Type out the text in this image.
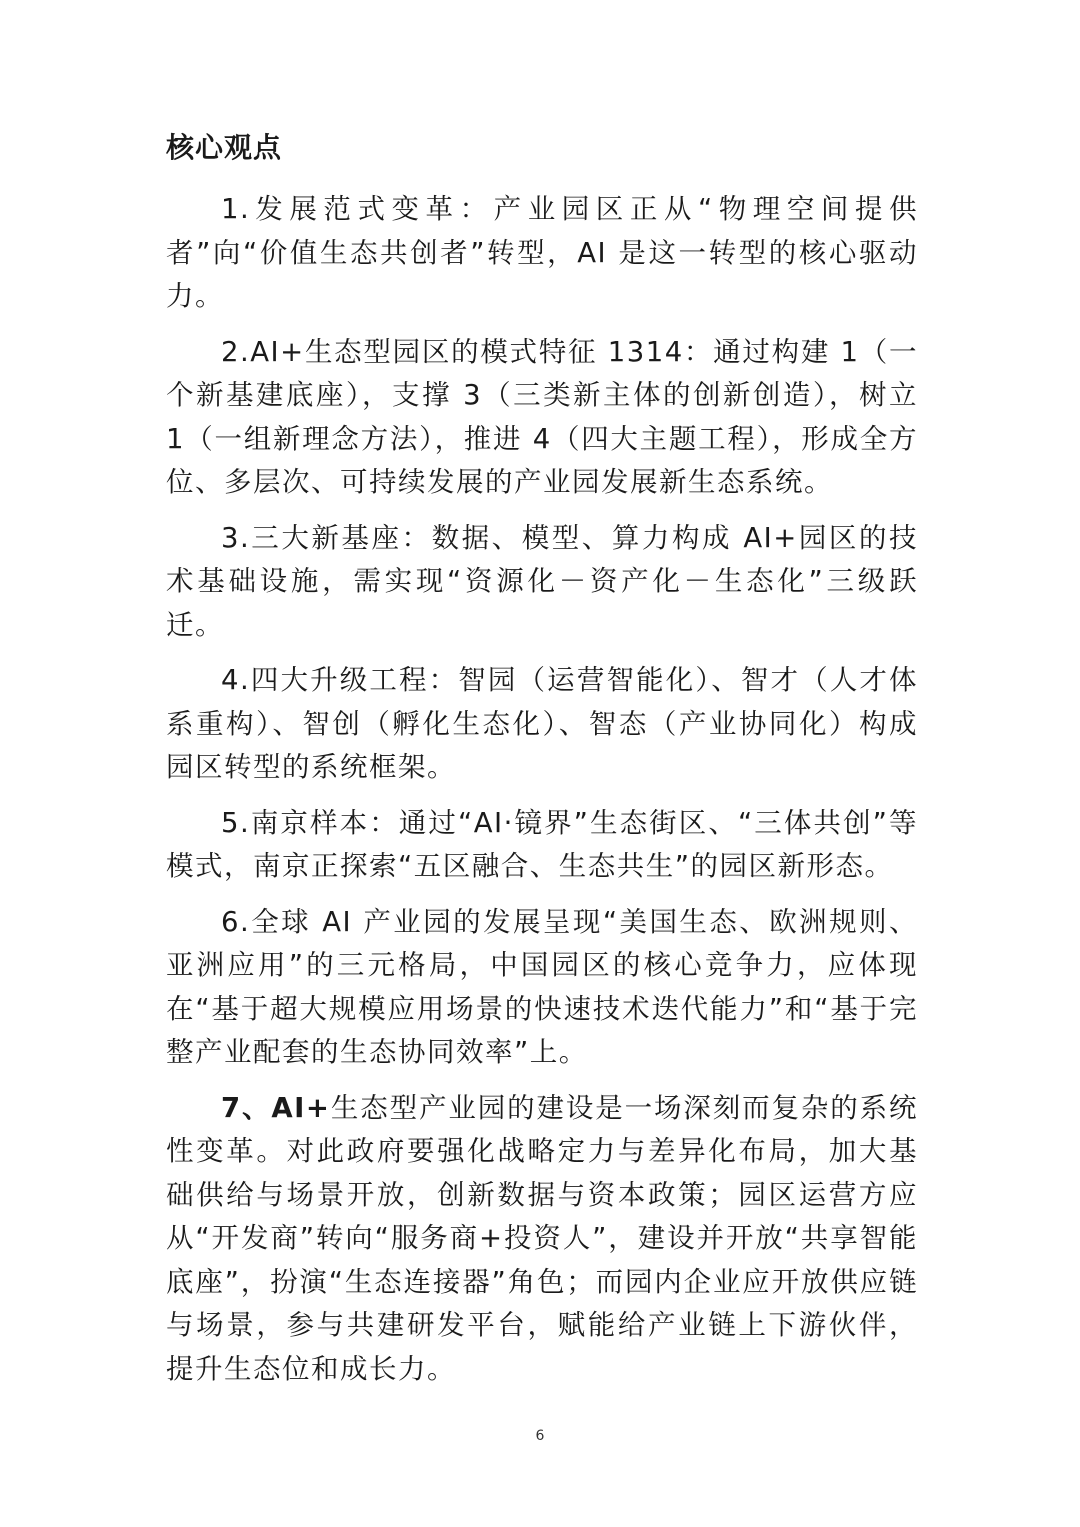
核心观点

1.发展范式变革：产业园区正从“物理空间提供者”向“价值生态共创者”转型，AI 是这一转型的核心驱动力。

2.AI+生态型园区的模式特征 1314：通过构建 1（一个新基建底座），支撑 3（三类新主体的创新创造），树立 1（一组新理念方法），推进 4（四大主题工程），形成全方位、多层次、可持续发展的产业园发展新生态系统。

3.三大新基座：数据、模型、算力构成 AI+园区的技术基础设施，需实现“资源化－资产化－生态化”三级跃迁。

4.四大升级工程：智园（运营智能化）、智才（人才体系重构）、智创（孵化生态化）、智态（产业协同化）构成园区转型的系统框架。

5.南京样本：通过“AI·镜界”生态街区、“三体共创”等模式，南京正探索“五区融合、生态共生”的园区新形态。

6.全球 AI 产业园的发展呈现“美国生态、欧洲规则、亚洲应用”的三元格局，中国园区的核心竞争力，应体现在“基于超大规模应用场景的快速技术迭代能力”和“基于完整产业配套的生态协同效率”上。

7、AI+生态型产业园的建设是一场深刻而复杂的系统性变革。对此政府要强化战略定力与差异化布局，加大基础供给与场景开放，创新数据与资本政策；园区运营方应从“开发商”转向“服务商+投资人”，建设并开放“共享智能底座”，扮演“生态连接器”角色；而园内企业应开放供应链与场景，参与共建研发平台，赋能给产业链上下游伙伴，提升生态位和成长力。

6
